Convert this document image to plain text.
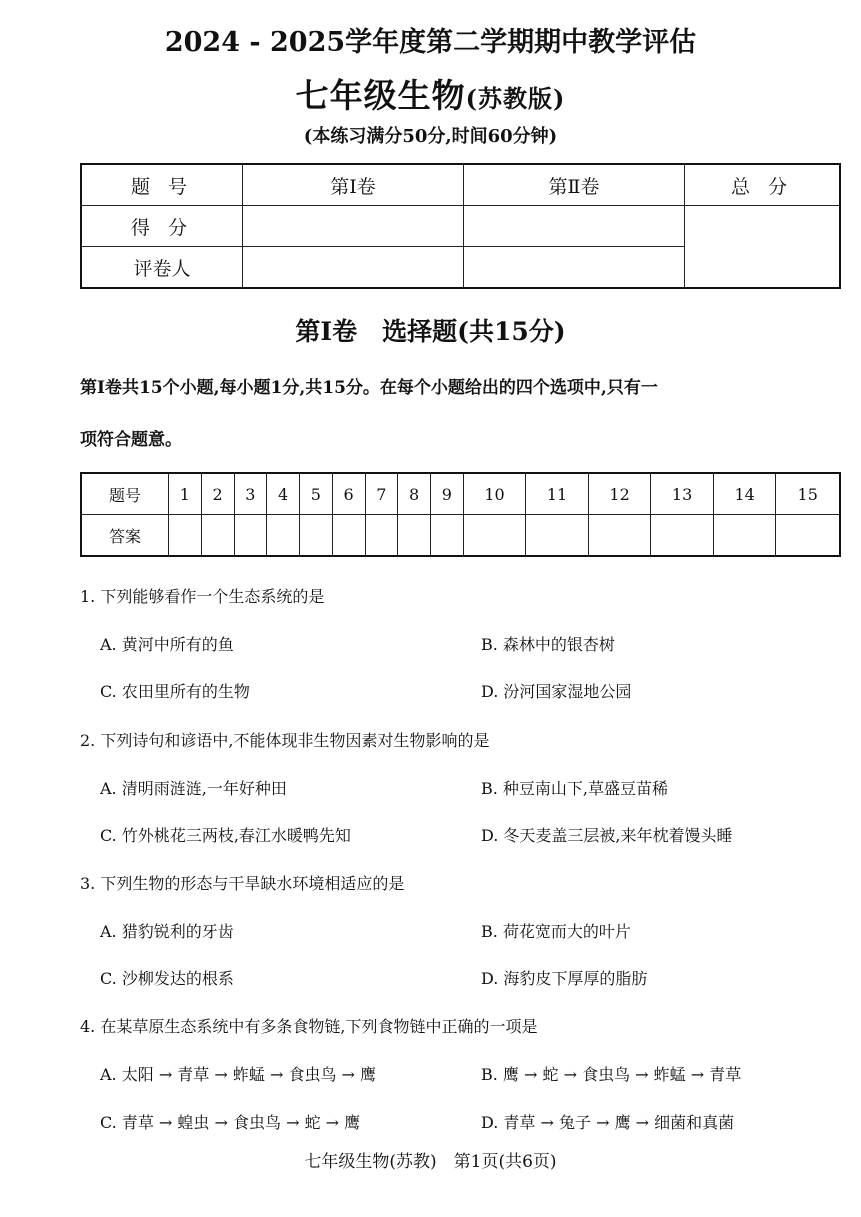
2024 - 2025学年度第二学期期中教学评估
七年级生物(苏教版)
(本练习满分50分,时间60分钟)
题 号	第Ⅰ卷	第Ⅱ卷	总 分
得 分			
评卷人			
第Ⅰ卷　选择题(共15分)
第Ⅰ卷共15个小题,每小题1分,共15分。在每个小题给出的四个选项中,只有一
项符合题意。
题号	1	2	3	4	5	6	7	8	9	10	11	12	13	14	15
答案															
1. 下列能够看作一个生态系统的是
A. 黄河中所有的鱼	B. 森林中的银杏树
C. 农田里所有的生物	D. 汾河国家湿地公园
2. 下列诗句和谚语中,不能体现非生物因素对生物影响的是
A. 清明雨涟涟,一年好种田	B. 种豆南山下,草盛豆苗稀
C. 竹外桃花三两枝,春江水暖鸭先知	D. 冬天麦盖三层被,来年枕着馒头睡
3. 下列生物的形态与干旱缺水环境相适应的是
A. 猎豹锐利的牙齿	B. 荷花宽而大的叶片
C. 沙柳发达的根系	D. 海豹皮下厚厚的脂肪
4. 在某草原生态系统中有多条食物链,下列食物链中正确的一项是
A. 太阳 → 青草 → 蚱蜢 → 食虫鸟 → 鹰	B. 鹰 → 蛇 → 食虫鸟 → 蚱蜢 → 青草
C. 青草 → 蝗虫 → 食虫鸟 → 蛇 → 鹰	D. 青草 → 兔子 → 鹰 → 细菌和真菌
七年级生物(苏教)　第1页(共6页)
